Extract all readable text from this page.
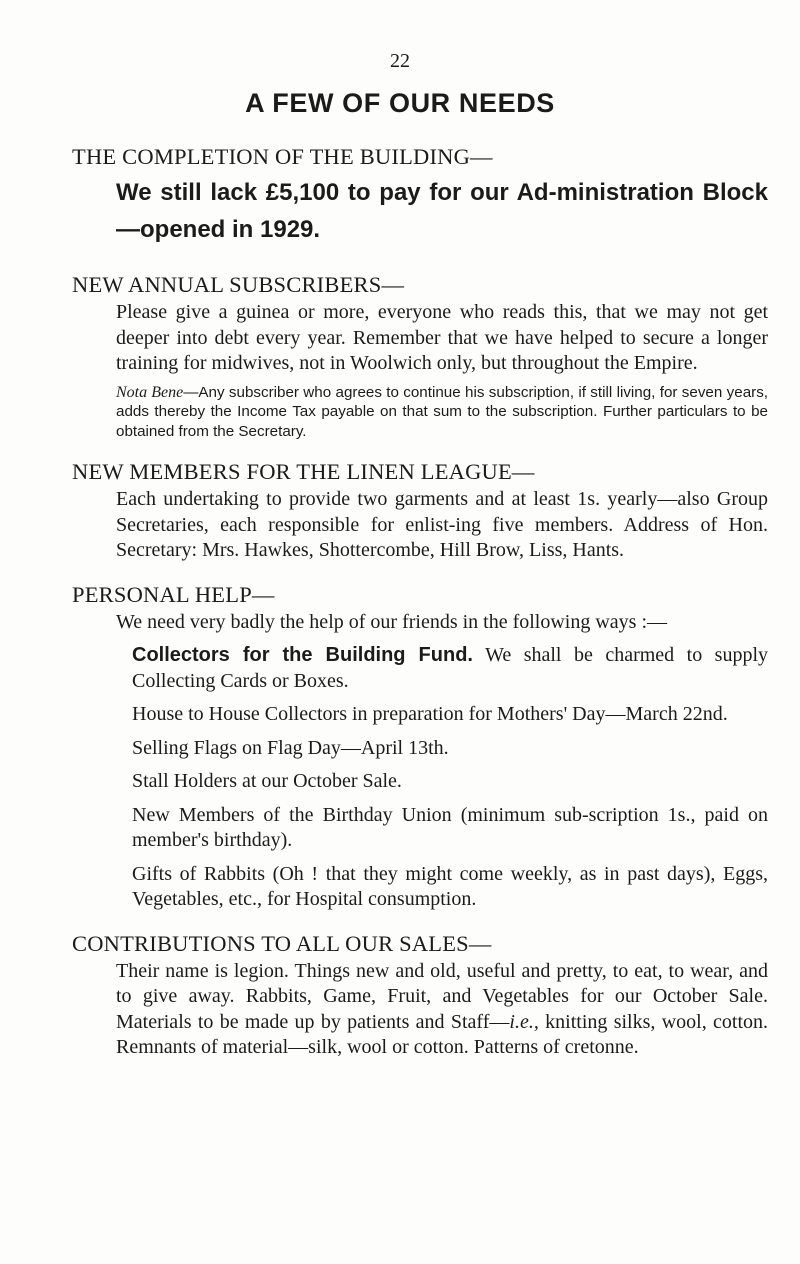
22
A FEW OF OUR NEEDS
THE COMPLETION OF THE BUILDING—
We still lack £5,100 to pay for our Ad-ministration Block—opened in 1929.
NEW ANNUAL SUBSCRIBERS—
Please give a guinea or more, everyone who reads this, that we may not get deeper into debt every year. Remember that we have helped to secure a longer training for midwives, not in Woolwich only, but throughout the Empire.
Nota Bene—Any subscriber who agrees to continue his subscription, if still living, for seven years, adds thereby the Income Tax payable on that sum to the subscription. Further particulars to be obtained from the Secretary.
NEW MEMBERS FOR THE LINEN LEAGUE—
Each undertaking to provide two garments and at least 1s. yearly—also Group Secretaries, each responsible for enlist-ing five members. Address of Hon. Secretary: Mrs. Hawkes, Shottercombe, Hill Brow, Liss, Hants.
PERSONAL HELP—
We need very badly the help of our friends in the following ways :—
Collectors for the Building Fund. We shall be charmed to supply Collecting Cards or Boxes.
House to House Collectors in preparation for Mothers' Day—March 22nd.
Selling Flags on Flag Day—April 13th.
Stall Holders at our October Sale.
New Members of the Birthday Union (minimum sub-scription 1s., paid on member's birthday).
Gifts of Rabbits (Oh ! that they might come weekly, as in past days), Eggs, Vegetables, etc., for Hospital consumption.
CONTRIBUTIONS TO ALL OUR SALES—
Their name is legion. Things new and old, useful and pretty, to eat, to wear, and to give away. Rabbits, Game, Fruit, and Vegetables for our October Sale. Materials to be made up by patients and Staff—i.e., knitting silks, wool, cotton. Remnants of material—silk, wool or cotton. Patterns of cretonne.
